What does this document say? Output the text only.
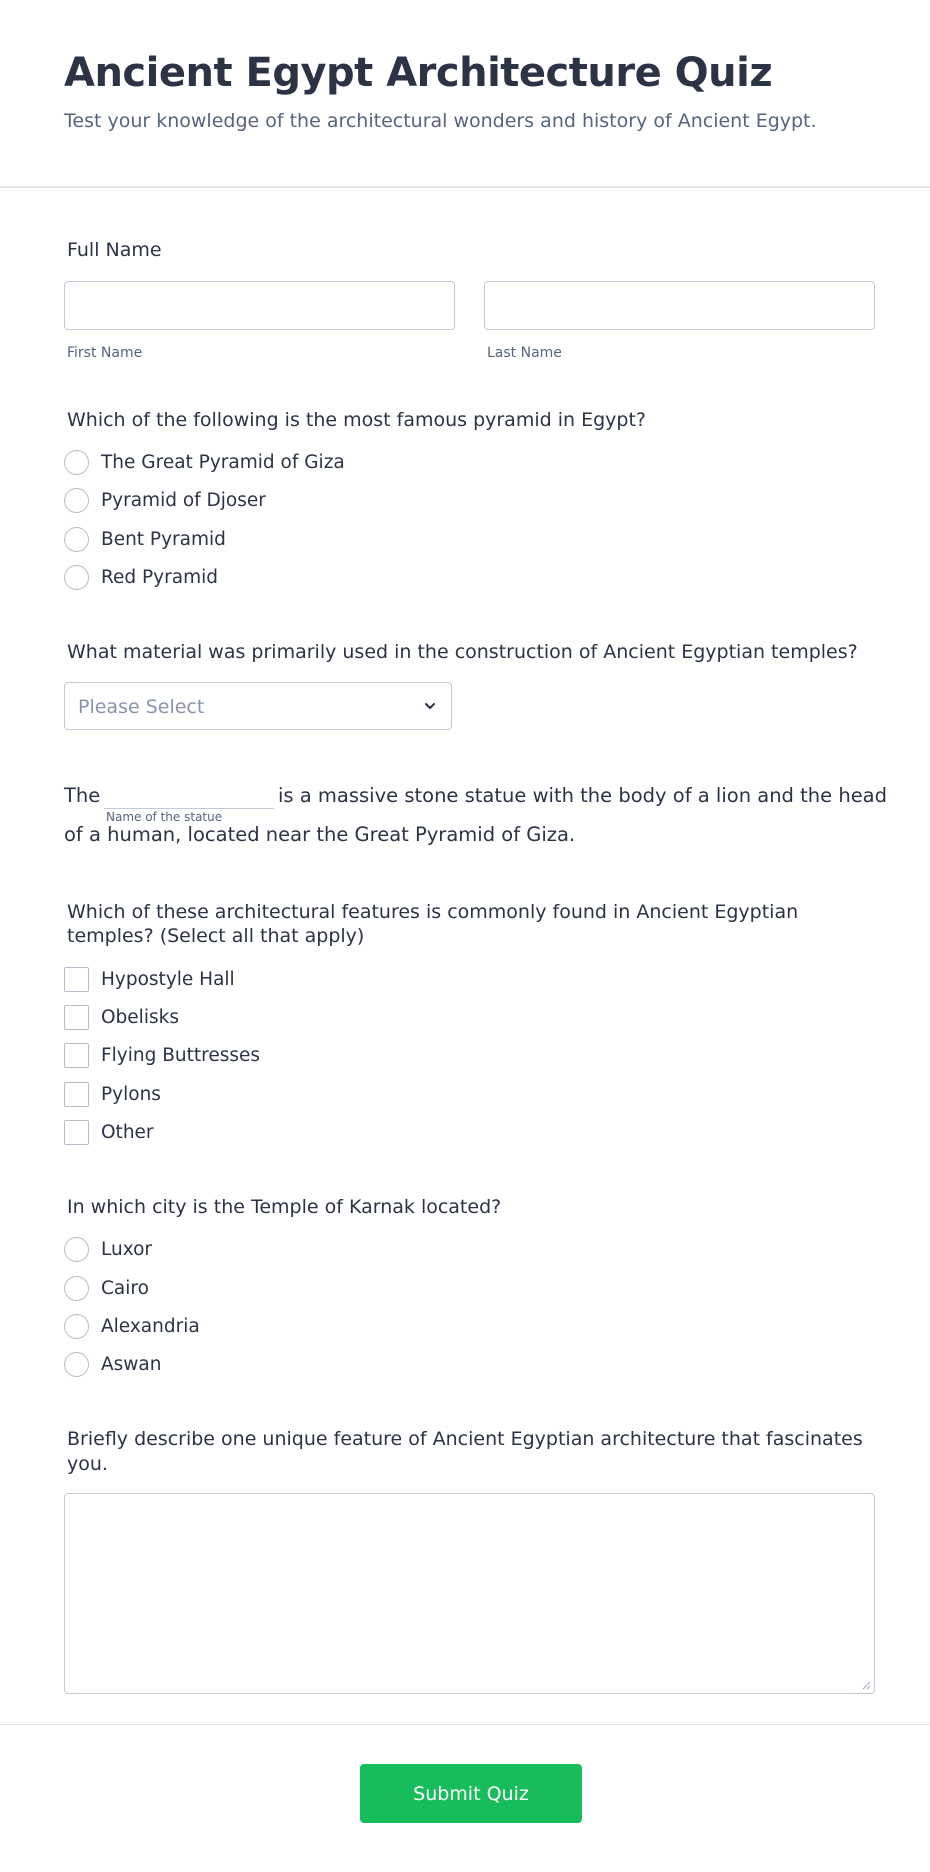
Ancient Egypt Architecture Quiz

Test your knowledge of the architectural wonders and history of Ancient Egypt.

Full Name
First Name	Last Name
Which of the following is the most famous pyramid in Egypt?
The Great Pyramid of Giza
Pyramid of Djoser
Bent Pyramid
Red Pyramid
What material was primarily used in the construction of Ancient Egyptian temples?
Please Select
The
Name of the statue
is a massive stone statue with the body of a lion and the head
of a human, located near the Great Pyramid of Giza.
Which of these architectural features is commonly found in Ancient Egyptian
temples? (Select all that apply)
Hypostyle Hall
Obelisks
Flying Buttresses
Pylons
Other
In which city is the Temple of Karnak located?
Luxor
Cairo
Alexandria
Aswan
Briefly describe one unique feature of Ancient Egyptian architecture that fascinates
you.
Submit Quiz
